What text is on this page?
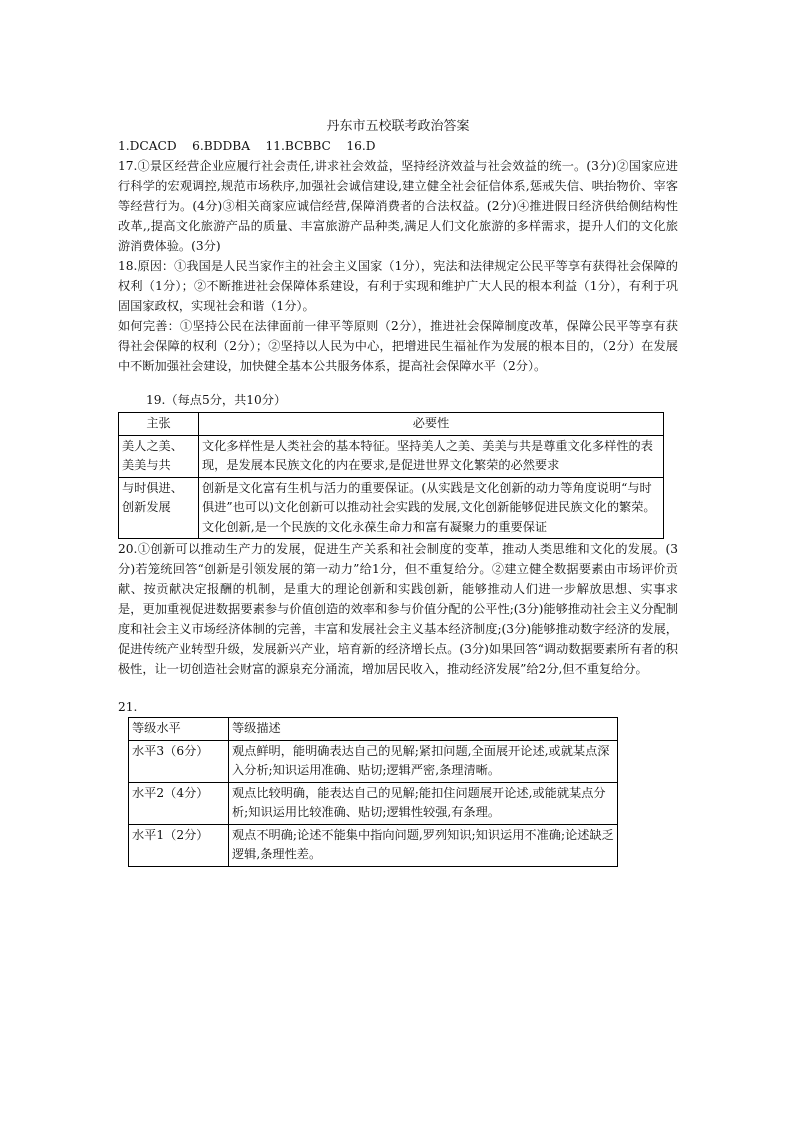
丹东市五校联考政治答案

1.DCACD    6.BDDBA    11.BCBBC    16.D

17.①景区经营企业应履行社会责任,讲求社会效益，坚持经济效益与社会效益的统一。(3分)②国家应进行科学的宏观调控,规范市场秩序,加强社会诚信建设,建立健全社会征信体系,惩戒失信、哄抬物价、宰客等经营行为。(4分)③相关商家应诚信经营,保障消费者的合法权益。(2分)④推进假日经济供给侧结构性改革,,提高文化旅游产品的质量、丰富旅游产品种类,满足人们文化旅游的多样需求，提升人们的文化旅游消费体验。(3分)

18.原因：①我国是人民当家作主的社会主义国家（1分），宪法和法律规定公民平等享有获得社会保障的权利（1分）；②不断推进社会保障体系建设，有利于实现和维护广大人民的根本利益（1分），有利于巩固国家政权，实现社会和谐（1分）。

如何完善：①坚持公民在法律面前一律平等原则（2分），推进社会保障制度改革，保障公民平等享有获得社会保障的权利（2分）；②坚持以人民为中心，把增进民生福祉作为发展的根本目的，（2分）在发展中不断加强社会建设，加快健全基本公共服务体系，提高社会保障水平（2分）。

19.（每点5分，共10分）

主张	必要性
美人之美、美美与共	文化多样性是人类社会的基本特征。坚持美人之美、美美与共是尊重文化多样性的表现，是发展本民族文化的内在要求,是促进世界文化繁荣的必然要求
与时俱进、创新发展	创新是文化富有生机与活力的重要保证。(从实践是文化创新的动力等角度说明“与时俱进”也可以)文化创新可以推动社会实践的发展,文化创新能够促进民族文化的繁荣。文化创新,是一个民族的文化永葆生命力和富有凝聚力的重要保证

20.①创新可以推动生产力的发展，促进生产关系和社会制度的变革，推动人类思维和文化的发展。(3分)若笼统回答“创新是引领发展的第一动力”给1分，但不重复给分。②建立健全数据要素由市场评价贡献、按贡献决定报酬的机制，是重大的理论创新和实践创新，能够推动人们进一步解放思想、实事求是，更加重视促进数据要素参与价值创造的效率和参与价值分配的公平性;(3分)能够推动社会主义分配制度和社会主义市场经济体制的完善，丰富和发展社会主义基本经济制度;(3分)能够推动数字经济的发展，促进传统产业转型升级，发展新兴产业，培育新的经济增长点。(3分)如果回答“调动数据要素所有者的积极性，让一切创造社会财富的源泉充分涌流，增加居民收入，推动经济发展”给2分,但不重复给分。

21.

等级水平	等级描述
水平3（6分）	观点鲜明，能明确表达自己的见解;紧扣问题,全面展开论述,或就某点深入分析;知识运用准确、贴切;逻辑严密,条理清晰。
水平2（4分）	观点比较明确，能表达自己的见解;能扣住问题展开论述,或能就某点分析;知识运用比较准确、贴切;逻辑性较强,有条理。
水平1（2分）	观点不明确;论述不能集中指向问题,罗列知识;知识运用不准确;论述缺乏逻辑,条理性差。
